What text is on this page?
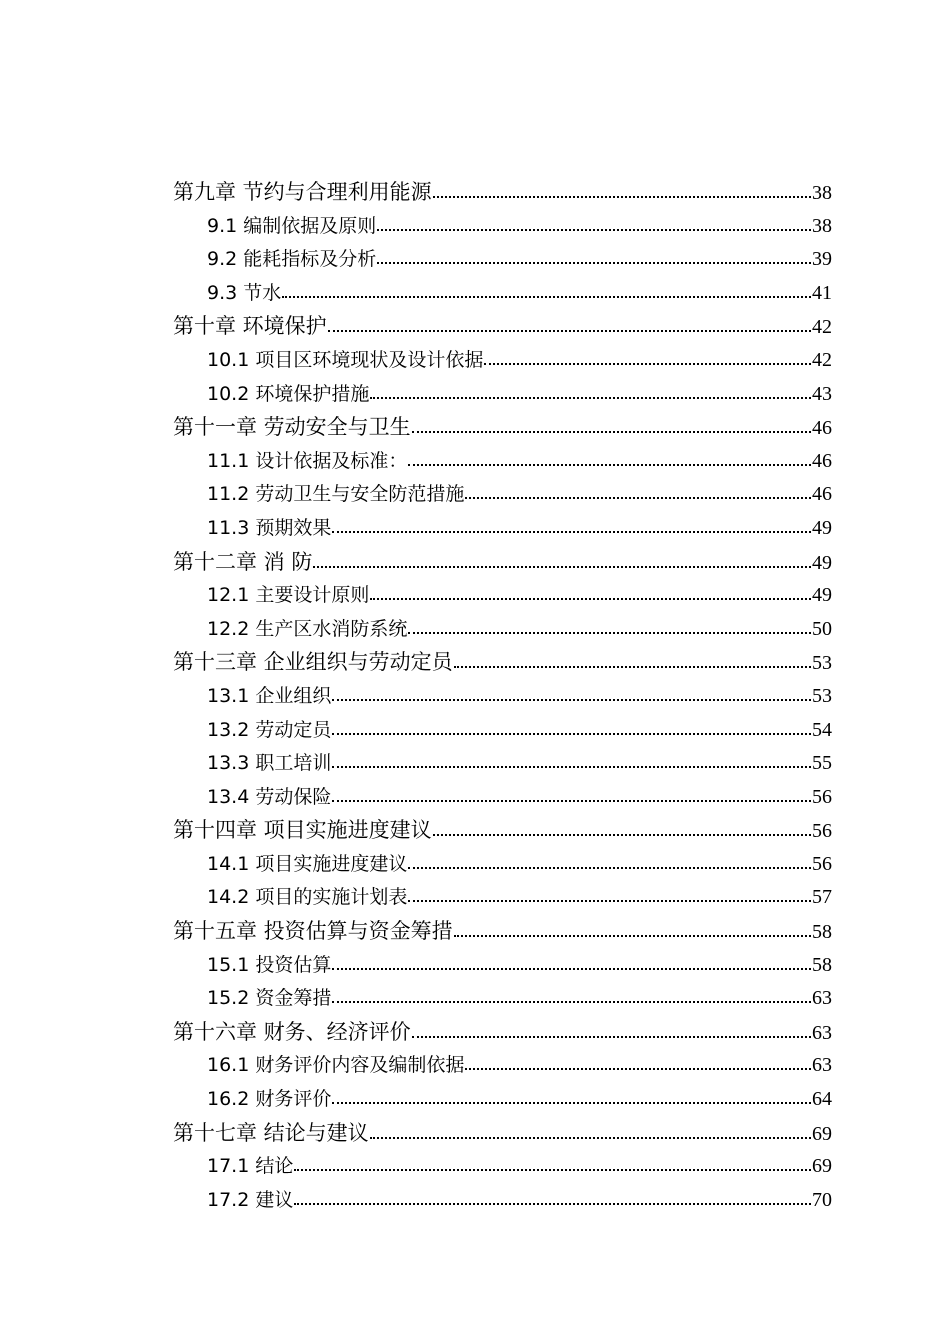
第九章 节约与合理利用能源	38
9.1 编制依据及原则	38
9.2 能耗指标及分析	39
9.3 节水	41
第十章 环境保护	42
10.1 项目区环境现状及设计依据	42
10.2 环境保护措施	43
第十一章 劳动安全与卫生	46
11.1 设计依据及标准：	46
11.2 劳动卫生与安全防范措施	46
11.3 预期效果	49
第十二章 消 防	49
12.1 主要设计原则	49
12.2 生产区水消防系统	50
第十三章 企业组织与劳动定员	53
13.1 企业组织	53
13.2 劳动定员	54
13.3 职工培训	55
13.4 劳动保险	56
第十四章 项目实施进度建议	56
14.1 项目实施进度建议	56
14.2 项目的实施计划表	57
第十五章 投资估算与资金筹措	58
15.1 投资估算	58
15.2 资金筹措	63
第十六章 财务、经济评价	63
16.1 财务评价内容及编制依据	63
16.2 财务评价	64
第十七章 结论与建议	69
17.1 结论	69
17.2 建议	70
